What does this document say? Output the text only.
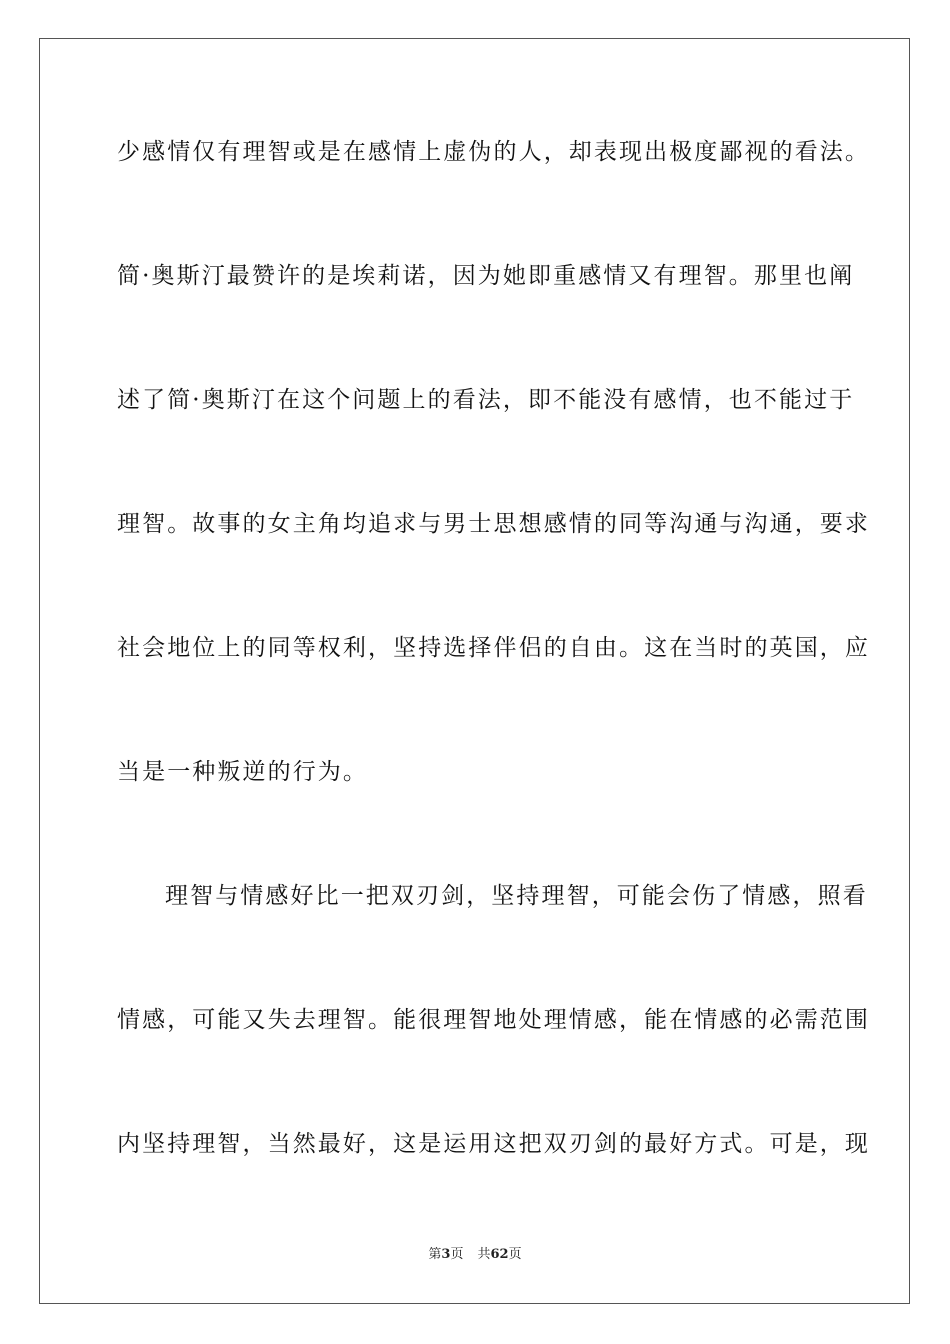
少感情仅有理智或是在感情上虚伪的人，却表现出极度鄙视的看法。
简·奥斯汀最赞许的是埃莉诺，因为她即重感情又有理智。那里也阐
述了简·奥斯汀在这个问题上的看法，即不能没有感情，也不能过于
理智。故事的女主角均追求与男士思想感情的同等沟通与沟通，要求
社会地位上的同等权利，坚持选择伴侣的自由。这在当时的英国，应
当是一种叛逆的行为。
理智与情感好比一把双刃剑，坚持理智，可能会伤了情感，照看
情感，可能又失去理智。能很理智地处理情感，能在情感的必需范围
内坚持理智，当然最好，这是运用这把双刃剑的最好方式。可是，现
第3页 共62页
